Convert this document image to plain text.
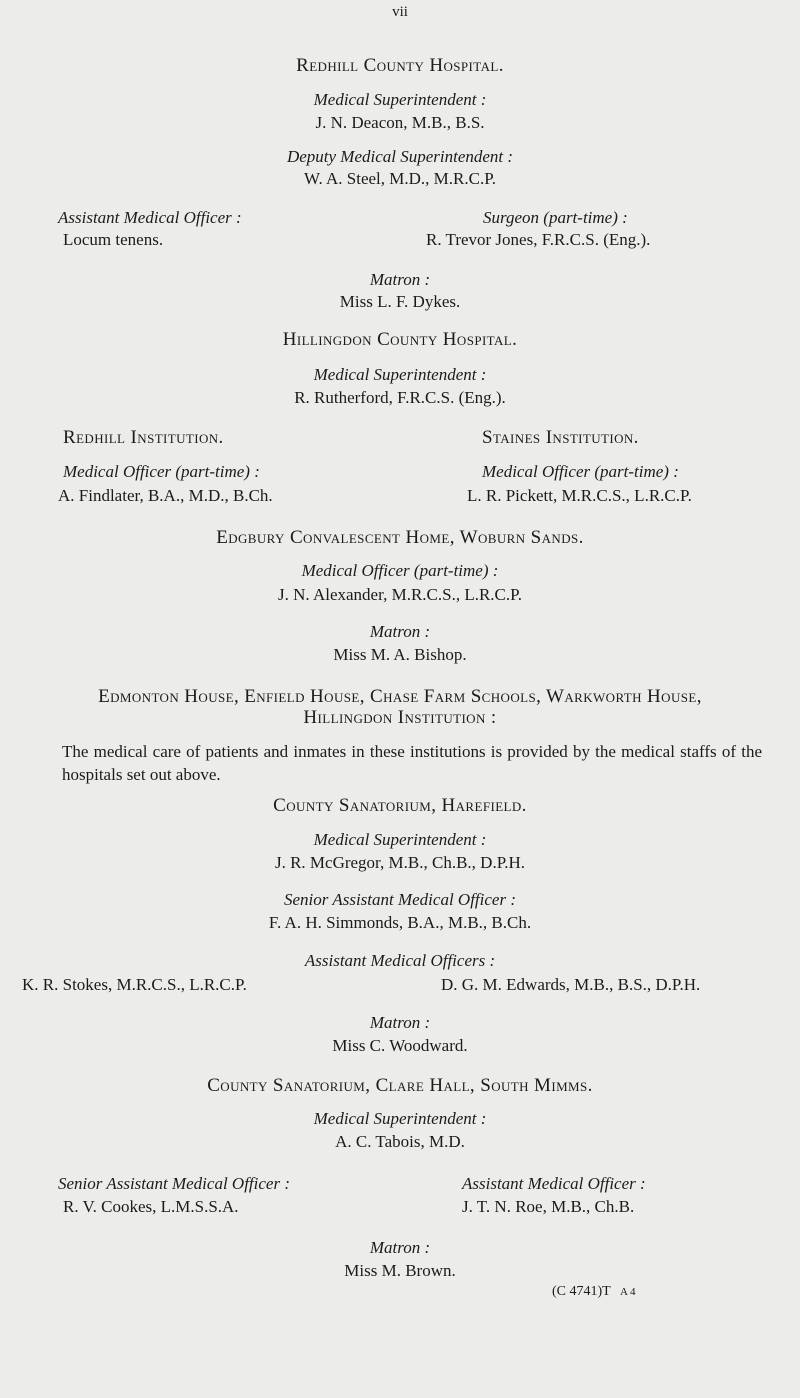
vii
Redhill County Hospital.
Medical Superintendent :
J. N. Deacon, M.B., B.S.
Deputy Medical Superintendent :
W. A. Steel, M.D., M.R.C.P.
Assistant Medical Officer :
Locum tenens.
Surgeon (part-time) :
R. Trevor Jones, F.R.C.S. (Eng.).
Matron :
Miss L. F. Dykes.
Hillingdon County Hospital.
Medical Superintendent :
R. Rutherford, F.R.C.S. (Eng.).
Redhill Institution.
Medical Officer (part-time) :
A. Findlater, B.A., M.D., B.Ch.
Staines Institution.
Medical Officer (part-time) :
L. R. Pickett, M.R.C.S., L.R.C.P.
Edgbury Convalescent Home, Woburn Sands.
Medical Officer (part-time) :
J. N. Alexander, M.R.C.S., L.R.C.P.
Matron :
Miss M. A. Bishop.
Edmonton House, Enfield House, Chase Farm Schools, Warkworth House,
Hillingdon Institution :
The medical care of patients and inmates in these institutions is provided by the medical staffs of the hospitals set out above.
County Sanatorium, Harefield.
Medical Superintendent :
J. R. McGregor, M.B., Ch.B., D.P.H.
Senior Assistant Medical Officer :
F. A. H. Simmonds, B.A., M.B., B.Ch.
Assistant Medical Officers :
K. R. Stokes, M.R.C.S., L.R.C.P.	D. G. M. Edwards, M.B., B.S., D.P.H.
Matron :
Miss C. Woodward.
County Sanatorium, Clare Hall, South Mimms.
Medical Superintendent :
A. C. Tabois, M.D.
Senior Assistant Medical Officer :
R. V. Cookes, L.M.S.S.A.
Assistant Medical Officer :
J. T. N. Roe, M.B., Ch.B.
Matron :
Miss M. Brown.
(C 4741)T A 4
